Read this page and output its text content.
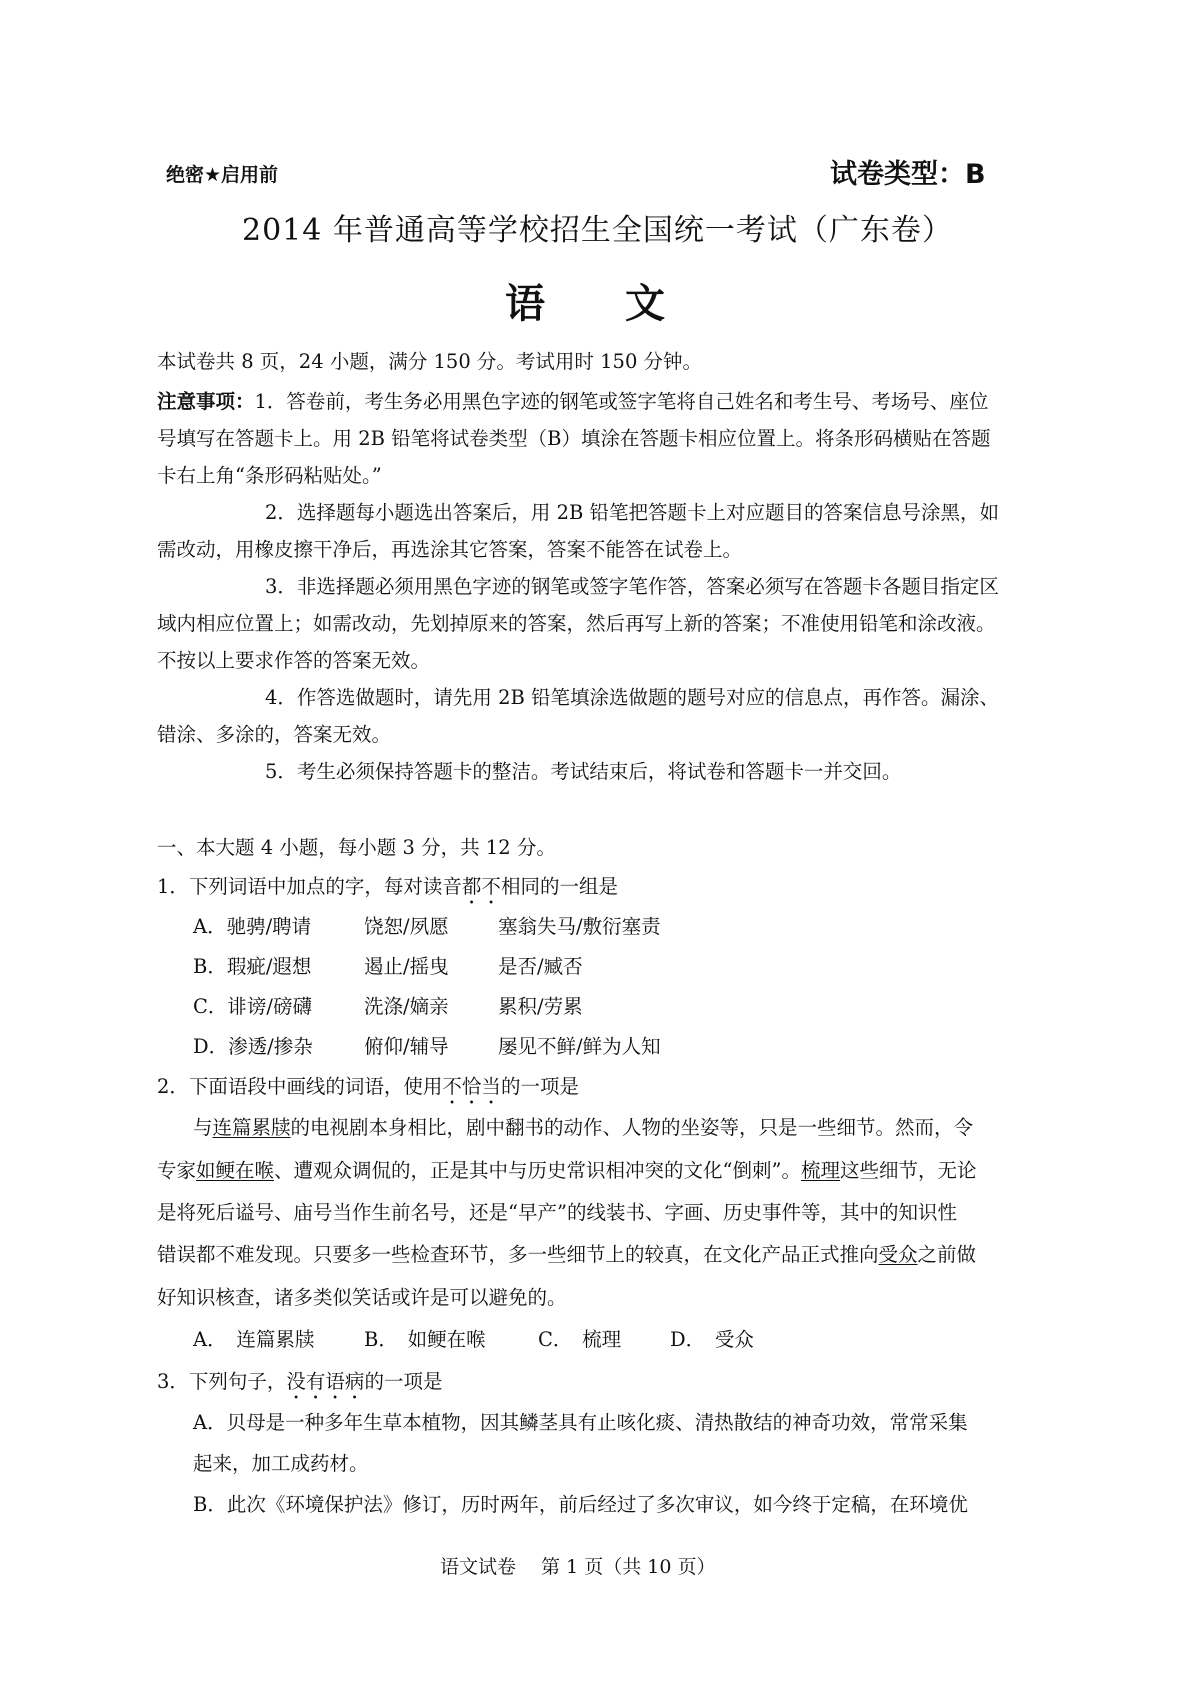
绝密★启用前	试卷类型：B
2014 年普通高等学校招生全国统一考试（广东卷）
语　　文
本试卷共 8 页，24 小题，满分 150 分。考试用时 150 分钟。
注意事项：1．答卷前，考生务必用黑色字迹的钢笔或签字笔将自己姓名和考生号、考场号、座位
号填写在答题卡上。用 2B 铅笔将试卷类型（B）填涂在答题卡相应位置上。将条形码横贴在答题
卡右上角“条形码粘贴处。”
2．选择题每小题选出答案后，用 2B 铅笔把答题卡上对应题目的答案信息号涂黑，如
需改动，用橡皮擦干净后，再选涂其它答案，答案不能答在试卷上。
3．非选择题必须用黑色字迹的钢笔或签字笔作答，答案必须写在答题卡各题目指定区
域内相应位置上；如需改动，先划掉原来的答案，然后再写上新的答案；不准使用铅笔和涂改液。
不按以上要求作答的答案无效。
4．作答选做题时，请先用 2B 铅笔填涂选做题的题号对应的信息点，再作答。漏涂、
错涂、多涂的，答案无效。
5．考生必须保持答题卡的整洁。考试结束后，将试卷和答题卡一并交回。
一、本大题 4 小题，每小题 3 分，共 12 分。
1．下列词语中加点的字，每对读音都不相同的一组是
A．驰骋/聘请	饶恕/夙愿	塞翁失马/敷衍塞责
B．瑕疵/遐想	遏止/摇曳	是否/臧否
C．诽谤/磅礴	洗涤/嫡亲	累积/劳累
D．渗透/掺杂	俯仰/辅导	屡见不鲜/鲜为人知
2．下面语段中画线的词语，使用不恰当的一项是
与连篇累牍的电视剧本身相比，剧中翻书的动作、人物的坐姿等，只是一些细节。然而，令
专家如鲠在喉、遭观众调侃的，正是其中与历史常识相冲突的文化“倒刺”。梳理这些细节，无论
是将死后谥号、庙号当作生前名号，还是“早产”的线装书、字画、历史事件等，其中的知识性
错误都不难发现。只要多一些检查环节，多一些细节上的较真，在文化产品正式推向受众之前做
好知识核查，诸多类似笑话或许是可以避免的。
A．　连篇累牍	B．　如鲠在喉	C．　梳理	D．　受众
3．下列句子，没有语病的一项是
A．贝母是一种多年生草本植物，因其鳞茎具有止咳化痰、清热散结的神奇功效，常常采集
起来，加工成药材。
B．此次《环境保护法》修订，历时两年，前后经过了多次审议，如今终于定稿，在环境优
语文试卷　 第 1 页（共 10 页）
